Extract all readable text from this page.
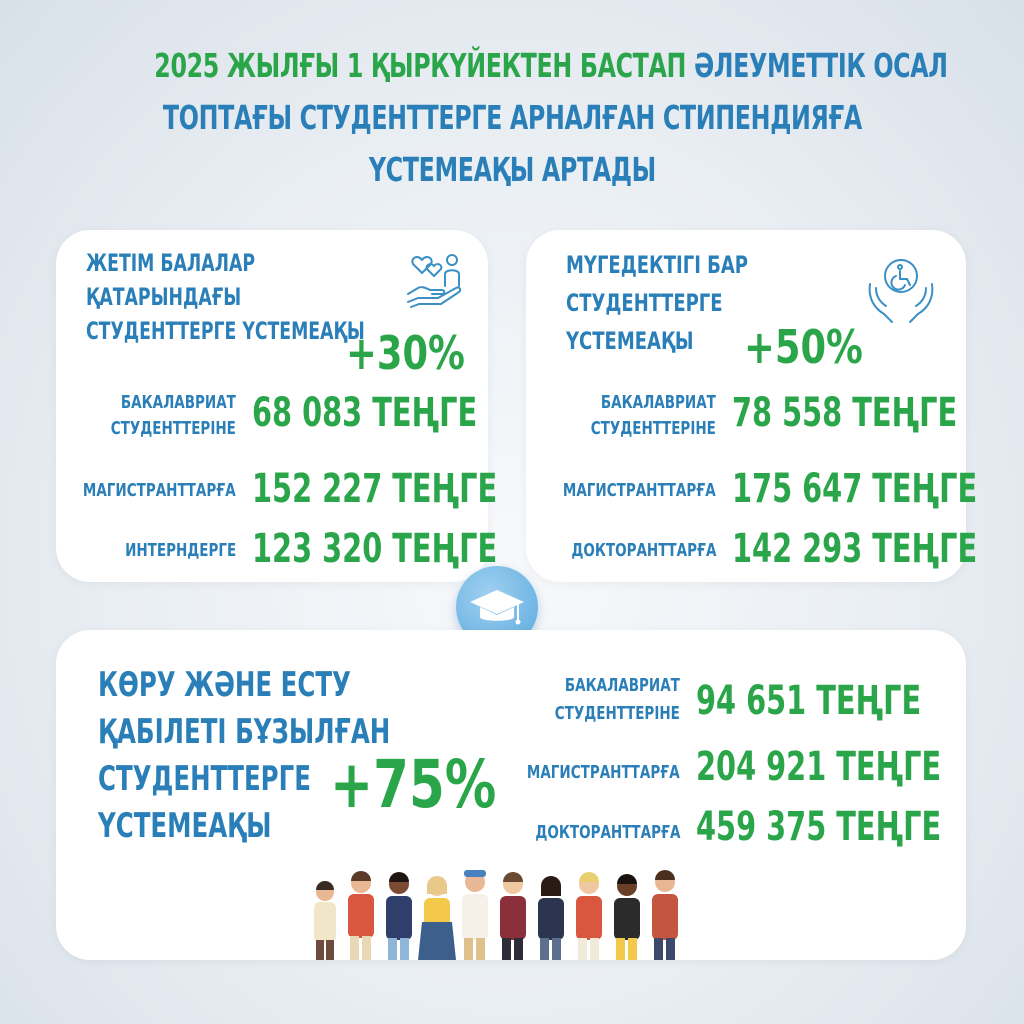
2025 ЖЫЛҒЫ 1 ҚЫРКҮЙЕКТЕН БАСТАП ӘЛЕУМЕТТІК ОСАЛ
ТОПТАҒЫ СТУДЕНТТЕРГЕ АРНАЛҒАН СТИПЕНДИЯҒА
ҮСТЕМЕАҚЫ АРТАДЫ
ЖЕТІМ БАЛАЛАР
ҚАТАРЫНДАҒЫ
СТУДЕНТТЕРГЕ ҮСТЕМЕАҚЫ
+30%
БАКАЛАВРИАТ
СТУДЕНТТЕРІНЕ 68 083 ТЕҢГЕ
МАГИСТРАНТТАРҒА 152 227 ТЕҢГЕ
ИНТЕРНДЕРГЕ 123 320 ТЕҢГЕ
МҮГЕДЕКТІГІ БАР
СТУДЕНТТЕРГЕ
ҮСТЕМЕАҚЫ	+50%
БАКАЛАВРИАТ
СТУДЕНТТЕРІНЕ 78 558 ТЕҢГЕ
МАГИСТРАНТТАРҒА 175 647 ТЕҢГЕ
ДОКТОРАНТТАРҒА 142 293 ТЕҢГЕ
КӨРУ ЖӘНЕ ЕСТУ
ҚАБІЛЕТІ БҰЗЫЛҒАН
СТУДЕНТТЕРГЕ
ҮСТЕМЕАҚЫ
+75%
БАКАЛАВРИАТ
СТУДЕНТТЕРІНЕ 94 651 ТЕҢГЕ
МАГИСТРАНТТАРҒА 204 921 ТЕҢГЕ
ДОКТОРАНТТАРҒА 459 375 ТЕҢГЕ
